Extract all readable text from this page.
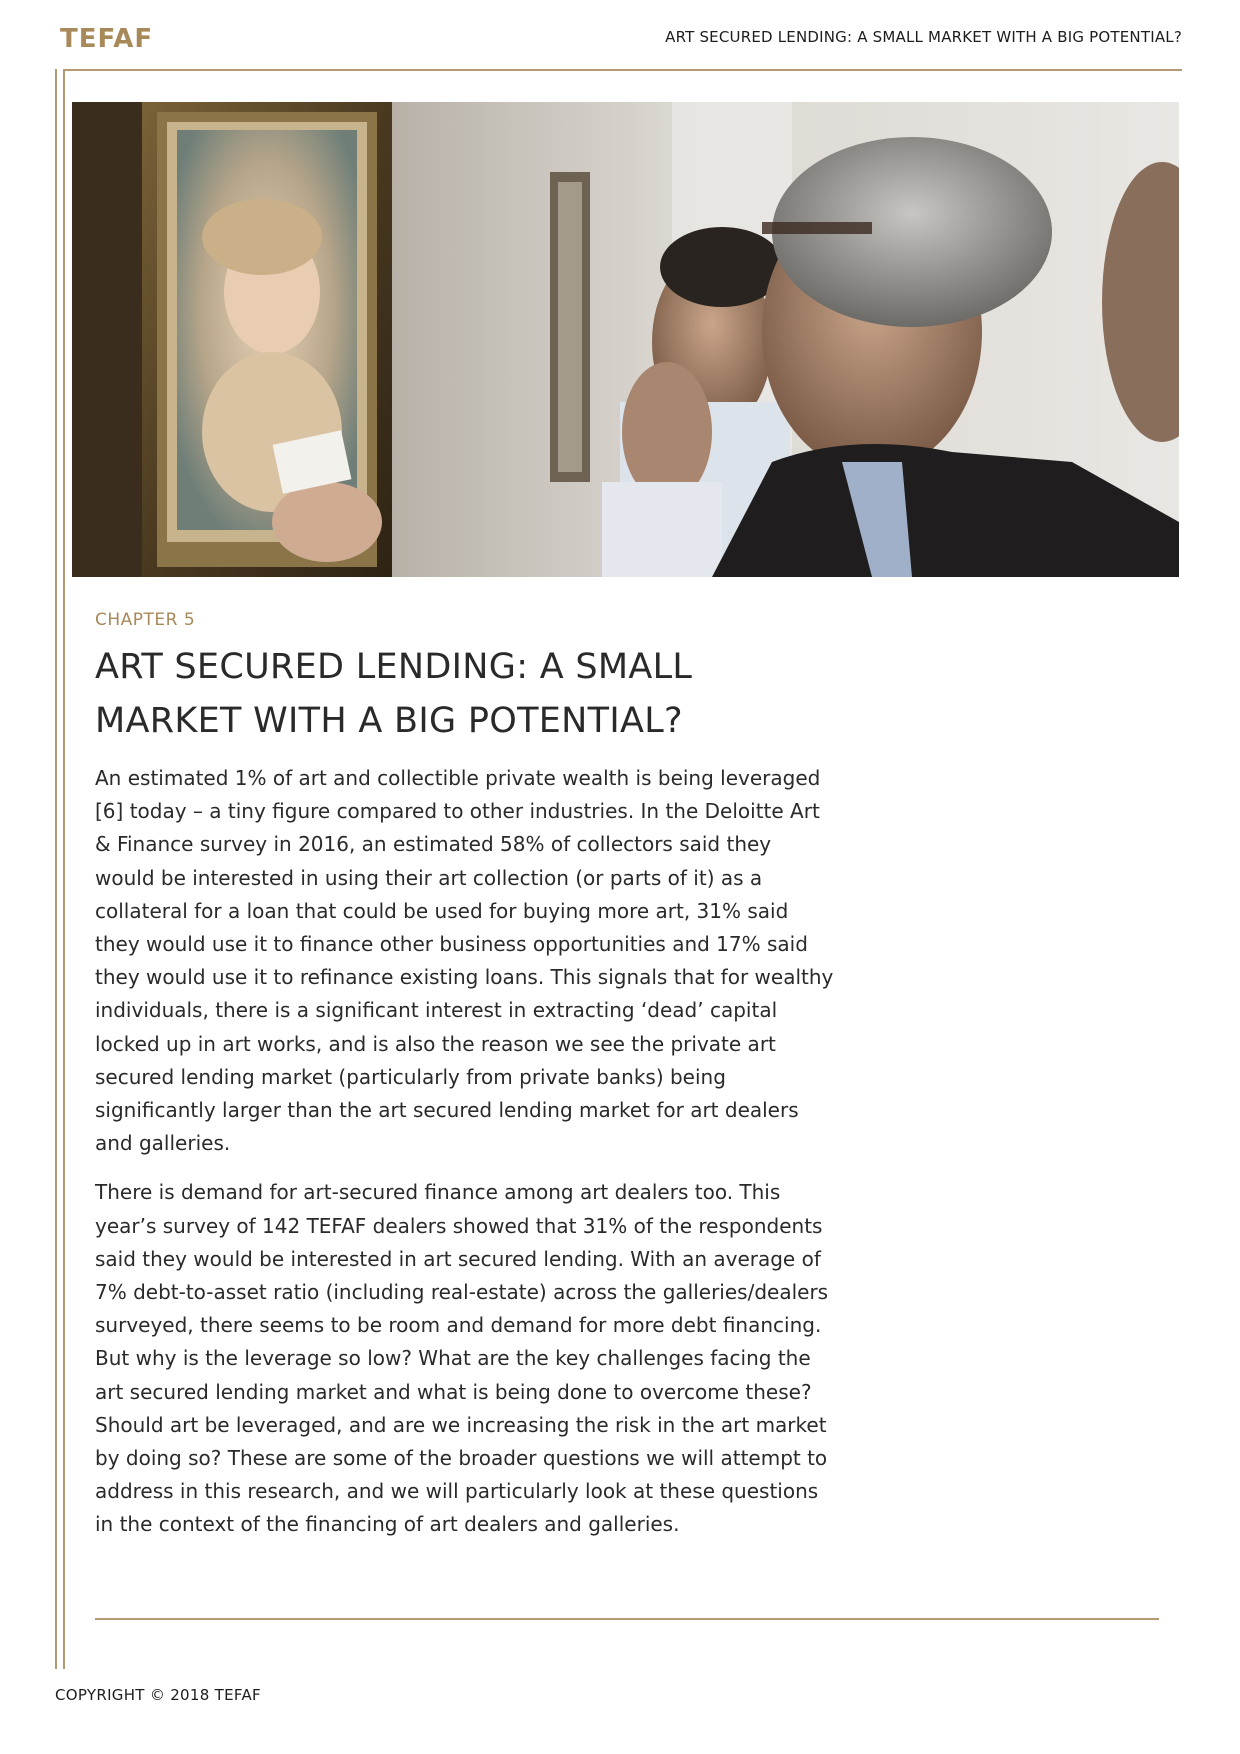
TEFAF	ART SECURED LENDING: A SMALL MARKET WITH A BIG POTENTIAL?
CHAPTER 5
ART SECURED LENDING: A SMALL MARKET WITH A BIG POTENTIAL?

An estimated 1% of art and collectible private wealth is being leveraged [6] today – a tiny figure compared to other industries. In the Deloitte Art & Finance survey in 2016, an estimated 58% of collectors said they would be interested in using their art collection (or parts of it) as a collateral for a loan that could be used for buying more art, 31% said they would use it to finance other business opportunities and 17% said they would use it to refinance existing loans. This signals that for wealthy individuals, there is a significant interest in extracting ‘dead’ capital locked up in art works, and is also the reason we see the private art secured lending market (particularly from private banks) being significantly larger than the art secured lending market for art dealers and galleries.

There is demand for art-secured finance among art dealers too. This year’s survey of 142 TEFAF dealers showed that 31% of the respondents said they would be interested in art secured lending. With an average of 7% debt-to-asset ratio (including real-estate) across the galleries/dealers surveyed, there seems to be room and demand for more debt financing. But why is the leverage so low? What are the key challenges facing the art secured lending market and what is being done to overcome these? Should art be leveraged, and are we increasing the risk in the art market by doing so? These are some of the broader questions we will attempt to address in this research, and we will particularly look at these questions in the context of the financing of art dealers and galleries.

COPYRIGHT © 2018 TEFAF
